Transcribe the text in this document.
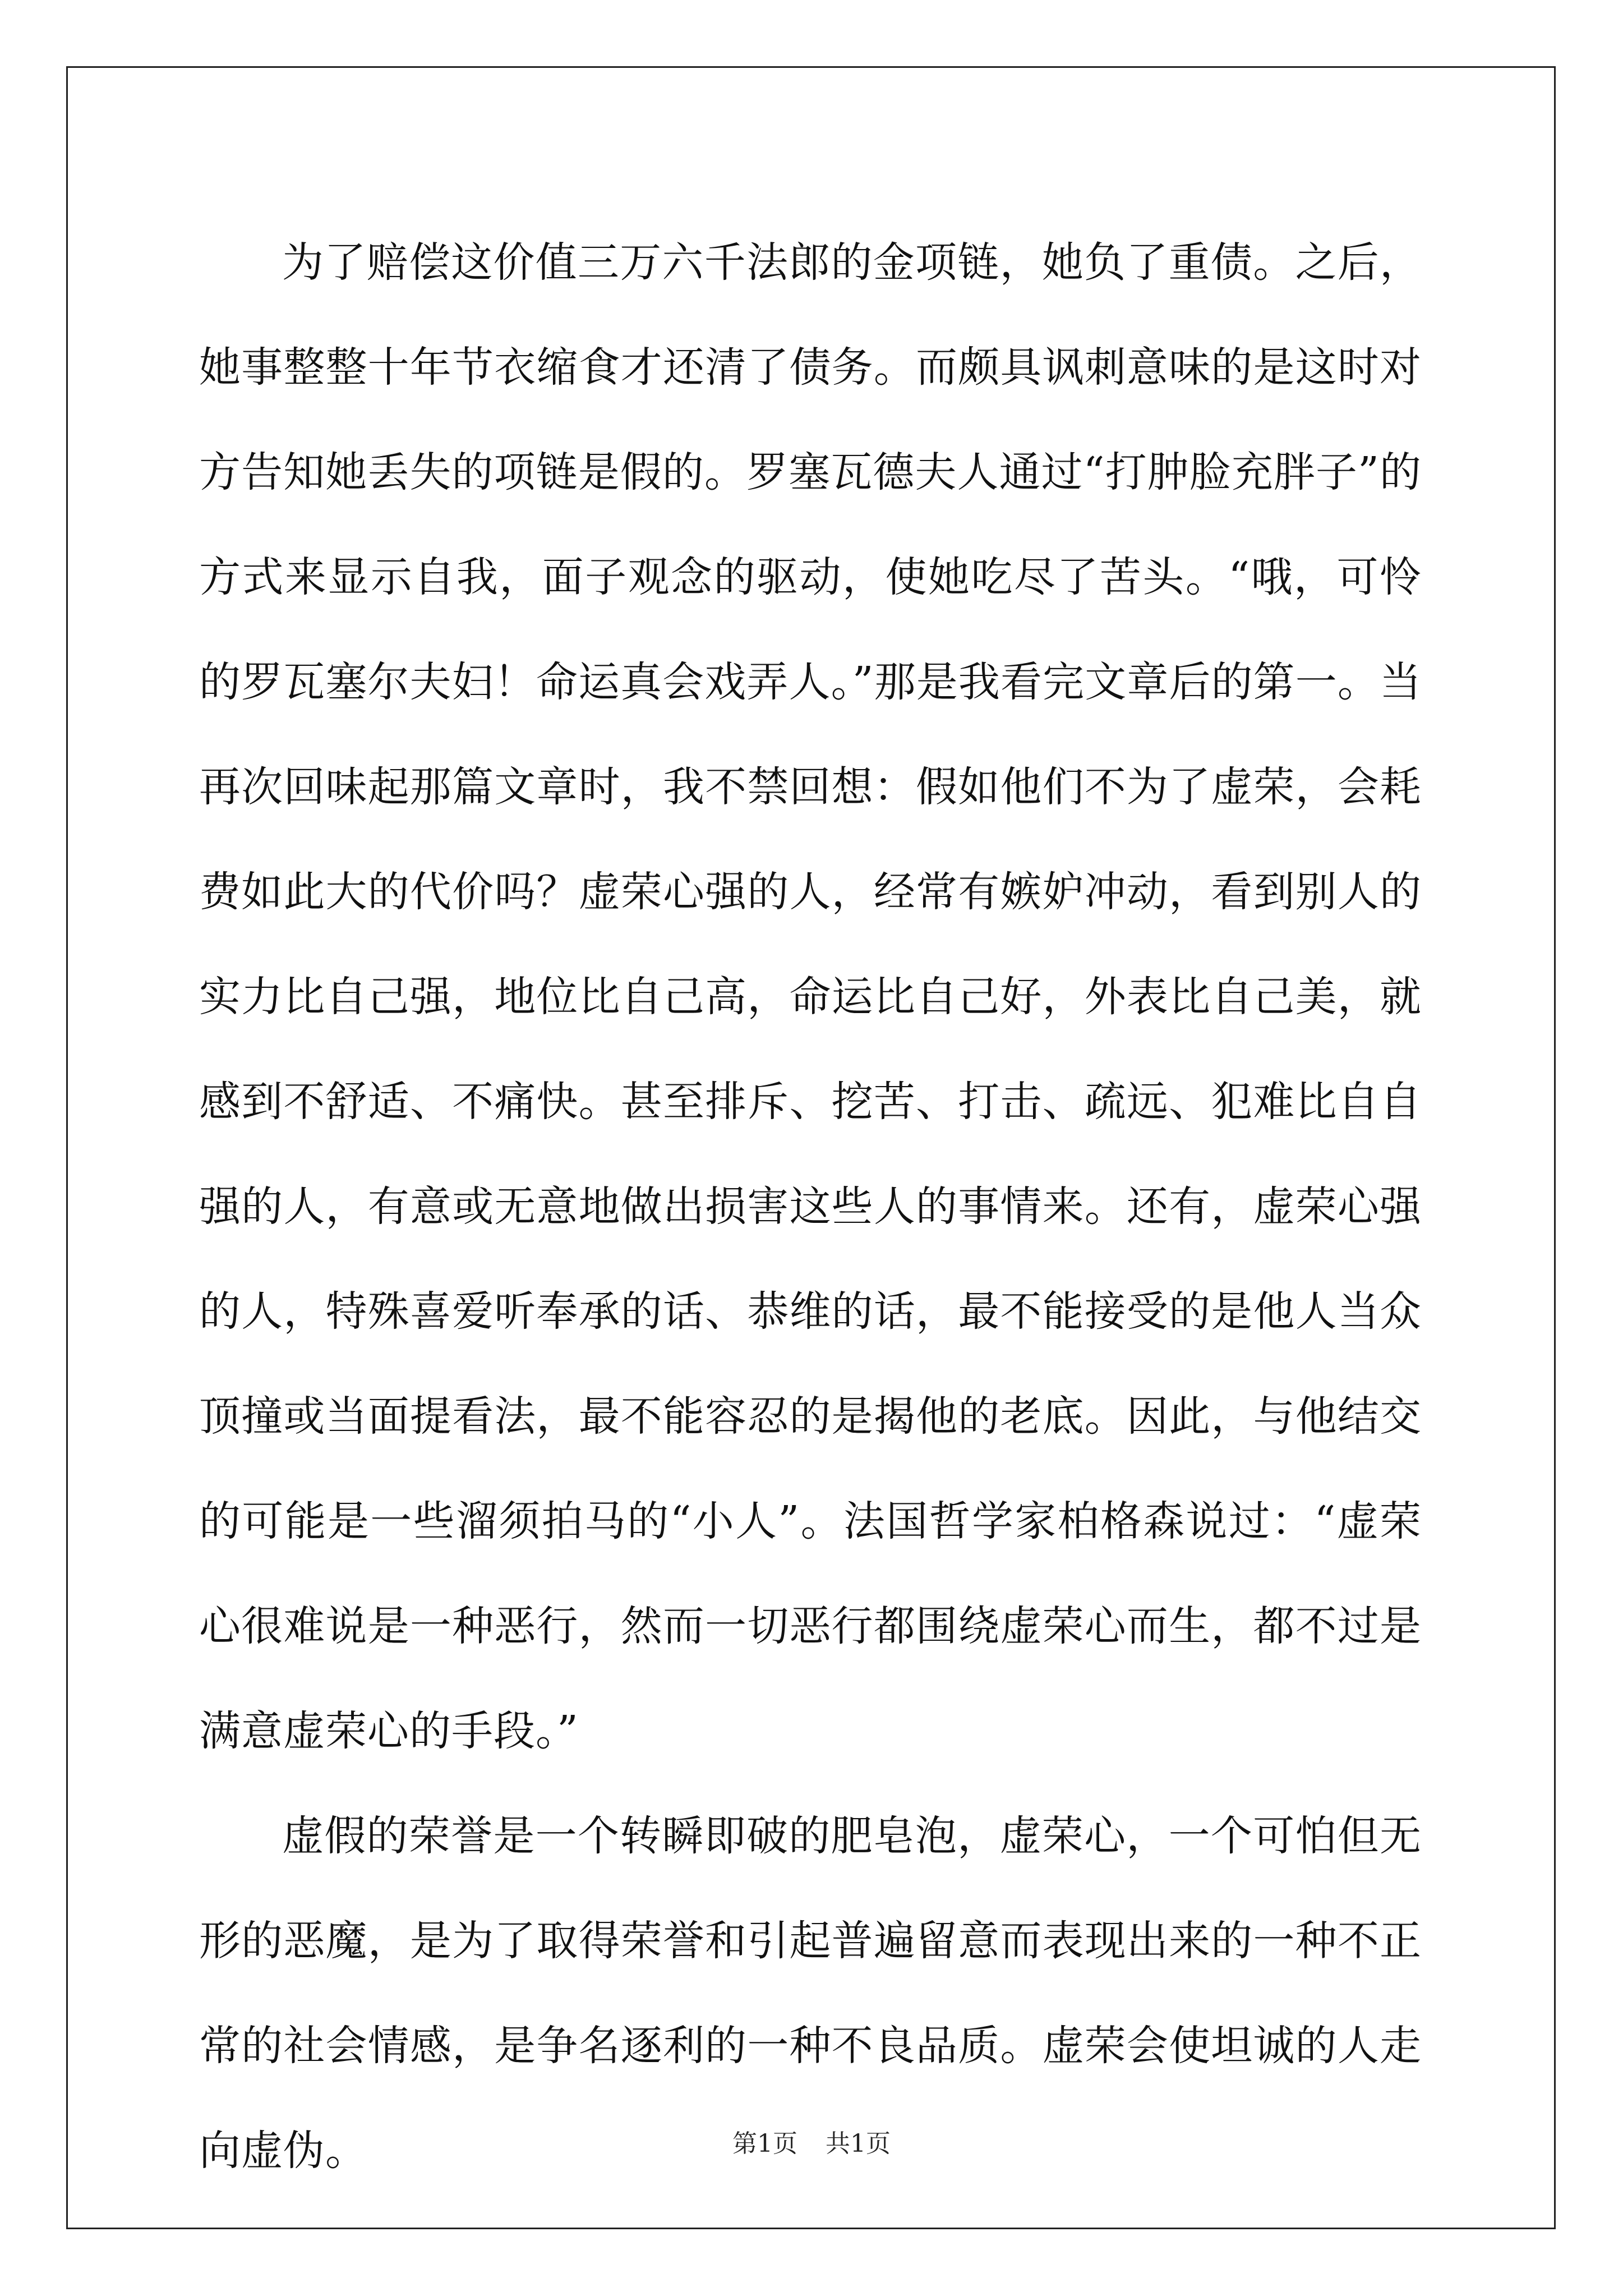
为了赔偿这价值三万六千法郎的金项链，她负了重债。之后，她事整整十年节衣缩食才还清了债务。而颇具讽刺意味的是这时对方告知她丢失的项链是假的。罗塞瓦德夫人通过“打肿脸充胖子”的方式来显示自我，面子观念的驱动，使她吃尽了苦头。“哦，可怜的罗瓦塞尔夫妇！命运真会戏弄人。”那是我看完文章后的第一。当再次回味起那篇文章时，我不禁回想：假如他们不为了虚荣，会耗费如此大的代价吗？虚荣心强的人，经常有嫉妒冲动，看到别人的实力比自己强，地位比自己高，命运比自己好，外表比自己美，就感到不舒适、不痛快。甚至排斥、挖苦、打击、疏远、犯难比自自强的人，有意或无意地做出损害这些人的事情来。还有，虚荣心强的人，特殊喜爱听奉承的话、恭维的话，最不能接受的是他人当众顶撞或当面提看法，最不能容忍的是揭他的老底。因此，与他结交的可能是一些溜须拍马的“小人”。法国哲学家柏格森说过：“虚荣心很难说是一种恶行，然而一切恶行都围绕虚荣心而生，都不过是满意虚荣心的手段。”

虚假的荣誉是一个转瞬即破的肥皂泡，虚荣心，一个可怕但无形的恶魔，是为了取得荣誉和引起普遍留意而表现出来的一种不正常的社会情感，是争名逐利的一种不良品质。虚荣会使坦诚的人走向虚伪。	第1页 共1页
